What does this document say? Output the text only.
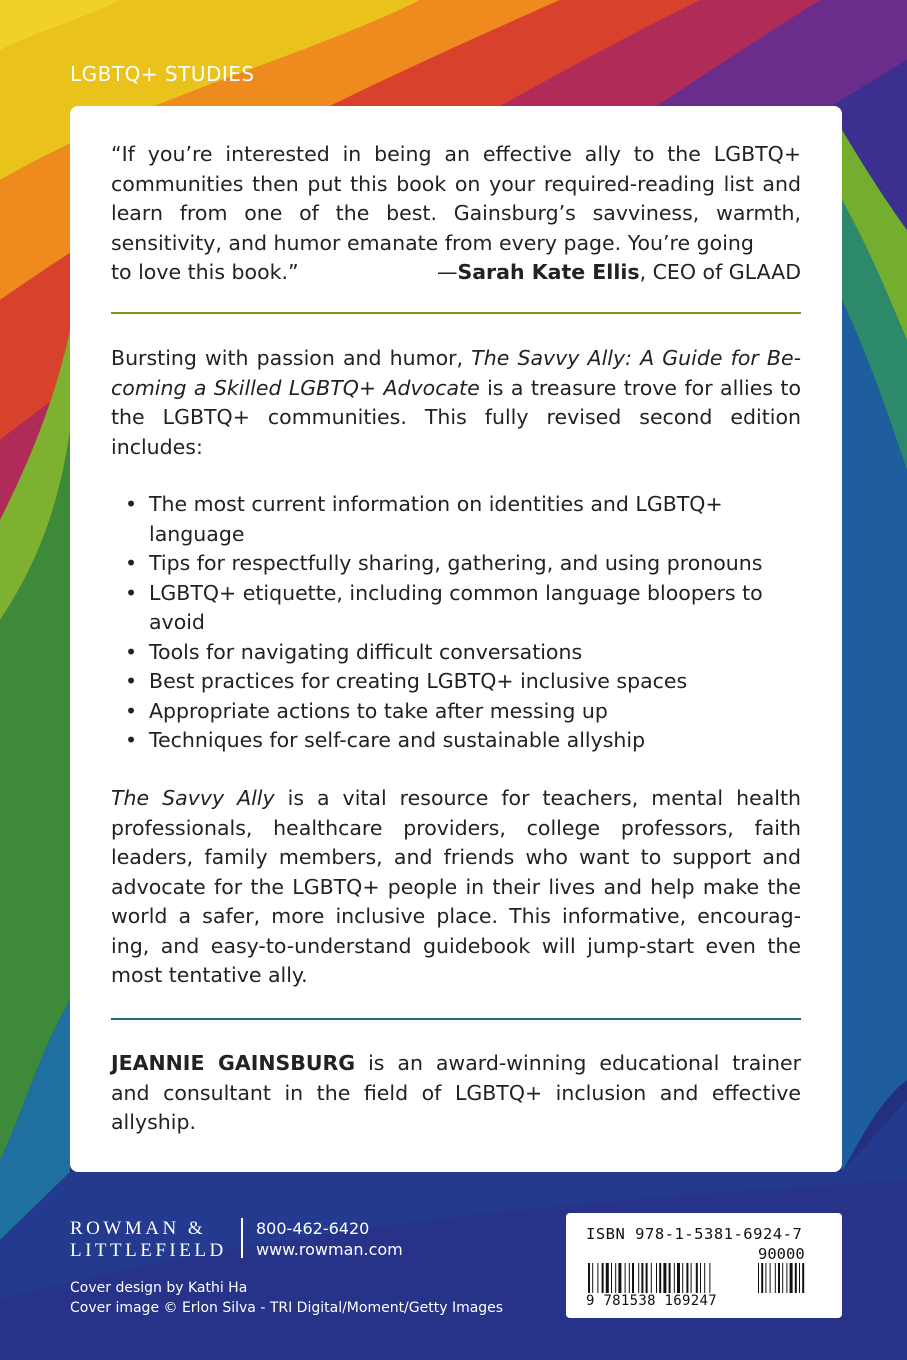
LGBTQ+ STUDIES
“If you’re interested in being an effective ally to the LGBTQ+ communities then put this book on your required-reading list and learn from one of the best. Gainsburg’s savviness, warmth, sensitivity, and humor emanate from every page. You’re going
to love this book.”	—Sarah Kate Ellis, CEO of GLAAD
Bursting with passion and humor, The Savvy Ally: A Guide for Be-coming a Skilled LGBTQ+ Advocate is a treasure trove for allies to the LGBTQ+ communities. This fully revised second edition includes:
• The most current information on identities and LGBTQ+ language
• Tips for respectfully sharing, gathering, and using pronouns
• LGBTQ+ etiquette, including common language bloopers to avoid
• Tools for navigating difficult conversations
• Best practices for creating LGBTQ+ inclusive spaces
• Appropriate actions to take after messing up
• Techniques for self-care and sustainable allyship
The Savvy Ally is a vital resource for teachers, mental health professionals, healthcare providers, college professors, faith leaders, family members, and friends who want to support and advocate for the LGBTQ+ people in their lives and help make the world a safer, more inclusive place. This informative, encourag-ing, and easy-to-understand guidebook will jump-start even the most tentative ally.
JEANNIE GAINSBURG is an award-winning educational trainer and consultant in the field of LGBTQ+ inclusion and effective allyship.
ROWMAN &
LITTLEFIELD
800-462-6420
www.rowman.com
Cover design by Kathi Ha
Cover image © Erlon Silva - TRI Digital/Moment/Getty Images
ISBN 978-1-5381-6924-7
90000
9 781538 169247
